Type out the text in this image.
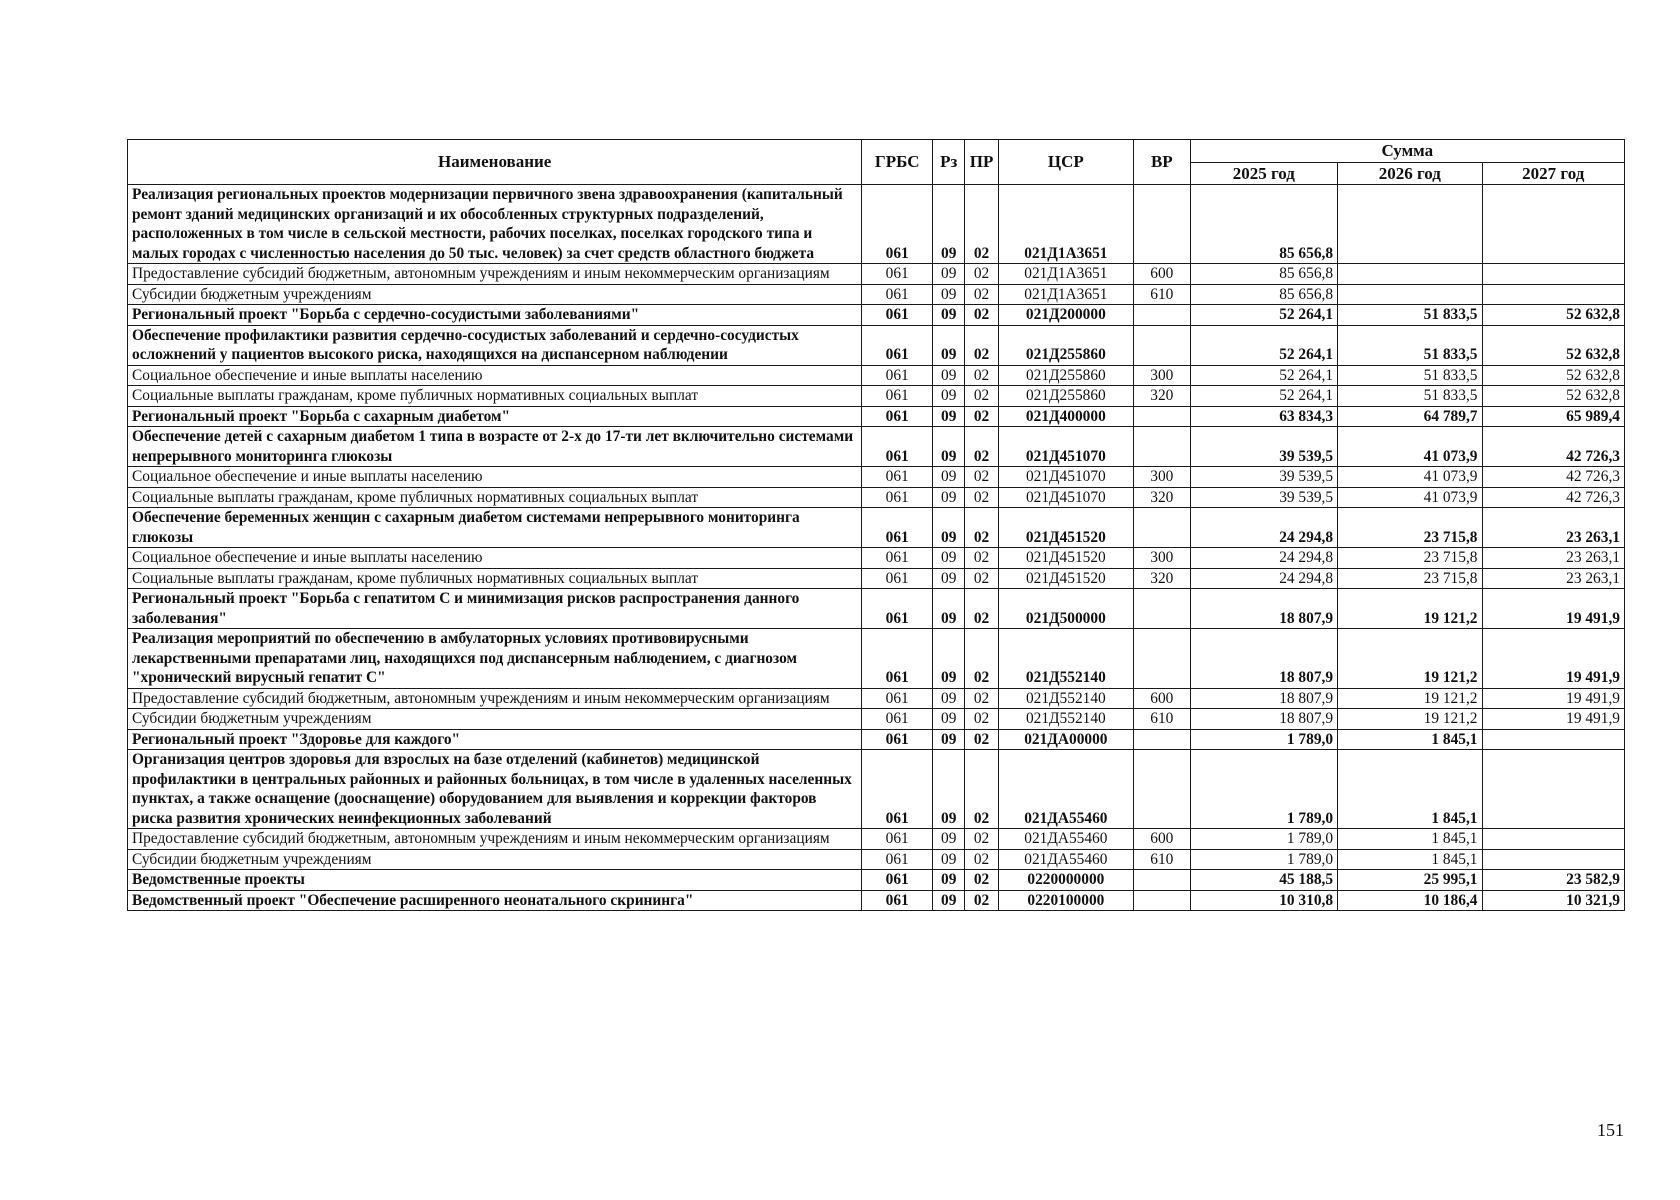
Наименование	ГРБС	Рз	ПР	ЦСР	ВР	Сумма		
						2025 год	2026 год	2027 год
Реализация региональных проектов модернизации первичного звена здравоохранения (капитальный ремонт зданий медицинских организаций и их обособленных структурных подразделений, расположенных в том числе в сельской местности, рабочих поселках, поселках городского типа и малых городах с численностью населения до 50 тыс. человек) за счет средств областного бюджета	061	09	02	021Д1А3651		85 656,8		
Предоставление субсидий бюджетным, автономным учреждениям и иным некоммерческим организациям	061	09	02	021Д1А3651	600	85 656,8		
Субсидии бюджетным учреждениям	061	09	02	021Д1А3651	610	85 656,8		
Региональный проект "Борьба с сердечно-сосудистыми заболеваниями"	061	09	02	021Д200000		52 264,1	51 833,5	52 632,8
Обеспечение профилактики развития сердечно-сосудистых заболеваний и сердечно-сосудистых осложнений у пациентов высокого риска, находящихся на диспансерном наблюдении	061	09	02	021Д255860		52 264,1	51 833,5	52 632,8
Социальное обеспечение и иные выплаты населению	061	09	02	021Д255860	300	52 264,1	51 833,5	52 632,8
Социальные выплаты гражданам, кроме публичных нормативных социальных выплат	061	09	02	021Д255860	320	52 264,1	51 833,5	52 632,8
Региональный проект "Борьба с сахарным диабетом"	061	09	02	021Д400000		63 834,3	64 789,7	65 989,4
Обеспечение детей с сахарным диабетом 1 типа в возрасте от 2-х до 17-ти лет включительно системами непрерывного мониторинга глюкозы	061	09	02	021Д451070		39 539,5	41 073,9	42 726,3
Социальное обеспечение и иные выплаты населению	061	09	02	021Д451070	300	39 539,5	41 073,9	42 726,3
Социальные выплаты гражданам, кроме публичных нормативных социальных выплат	061	09	02	021Д451070	320	39 539,5	41 073,9	42 726,3
Обеспечение беременных женщин с сахарным диабетом системами непрерывного мониторинга глюкозы	061	09	02	021Д451520		24 294,8	23 715,8	23 263,1
Социальное обеспечение и иные выплаты населению	061	09	02	021Д451520	300	24 294,8	23 715,8	23 263,1
Социальные выплаты гражданам, кроме публичных нормативных социальных выплат	061	09	02	021Д451520	320	24 294,8	23 715,8	23 263,1
Региональный проект "Борьба с гепатитом С и минимизация рисков распространения данного заболевания"	061	09	02	021Д500000		18 807,9	19 121,2	19 491,9
Реализация мероприятий по обеспечению в амбулаторных условиях противовирусными лекарственными препаратами лиц, находящихся под диспансерным наблюдением, с диагнозом "хронический вирусный гепатит С"	061	09	02	021Д552140		18 807,9	19 121,2	19 491,9
Предоставление субсидий бюджетным, автономным учреждениям и иным некоммерческим организациям	061	09	02	021Д552140	600	18 807,9	19 121,2	19 491,9
Субсидии бюджетным учреждениям	061	09	02	021Д552140	610	18 807,9	19 121,2	19 491,9
Региональный проект "Здоровье для каждого"	061	09	02	021ДА00000		1 789,0	1 845,1	
Организация центров здоровья для взрослых на базе отделений (кабинетов) медицинской профилактики в центральных районных и районных больницах, в том числе в удаленных населенных пунктах, а также оснащение (дооснащение) оборудованием для выявления и коррекции факторов риска развития хронических неинфекционных заболеваний	061	09	02	021ДА55460		1 789,0	1 845,1	
Предоставление субсидий бюджетным, автономным учреждениям и иным некоммерческим организациям	061	09	02	021ДА55460	600	1 789,0	1 845,1	
Субсидии бюджетным учреждениям	061	09	02	021ДА55460	610	1 789,0	1 845,1	
Ведомственные проекты	061	09	02	0220000000		45 188,5	25 995,1	23 582,9
Ведомственный проект "Обеспечение расширенного неонатального скрининга"	061	09	02	0220100000		10 310,8	10 186,4	10 321,9
151
